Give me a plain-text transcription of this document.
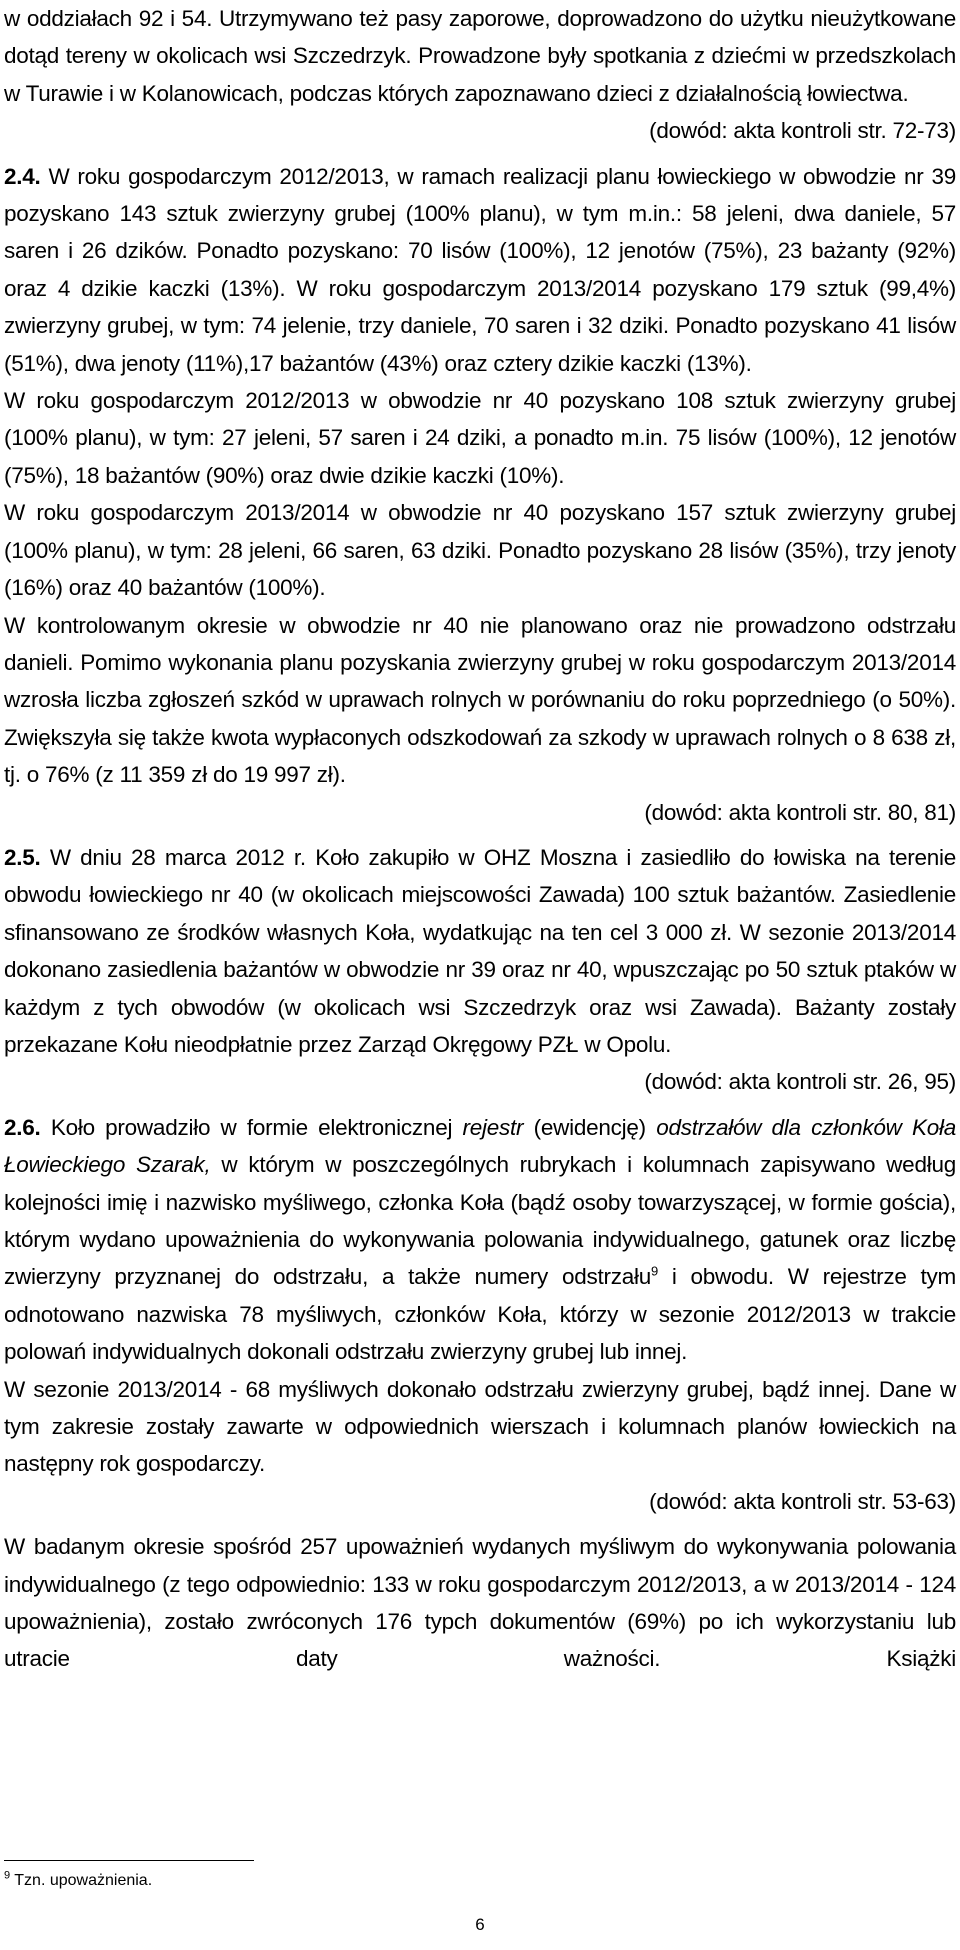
w oddziałach 92 i 54. Utrzymywano też pasy zaporowe, doprowadzono do użytku nieużytkowane dotąd tereny w okolicach wsi Szczedrzyk. Prowadzone były spotkania z dziećmi w przedszkolach w Turawie i w Kolanowicach, podczas których zapoznawano dzieci z działalnością łowiectwa.

(dowód: akta kontroli str. 72-73)

2.4. W roku gospodarczym 2012/2013, w ramach realizacji planu łowieckiego w obwodzie nr 39 pozyskano 143 sztuk zwierzyny grubej (100% planu), w tym m.in.: 58 jeleni, dwa daniele, 57 saren i 26 dzików. Ponadto pozyskano: 70 lisów (100%), 12 jenotów (75%), 23 bażanty (92%) oraz 4 dzikie kaczki (13%). W roku gospodarczym 2013/2014 pozyskano 179 sztuk (99,4%) zwierzyny grubej, w tym: 74 jelenie, trzy daniele, 70 saren i 32 dziki. Ponadto pozyskano 41 lisów (51%), dwa jenoty (11%),17 bażantów (43%) oraz cztery dzikie kaczki (13%).

W roku gospodarczym 2012/2013 w obwodzie nr 40 pozyskano 108 sztuk zwierzyny grubej (100% planu), w tym: 27 jeleni, 57 saren i 24 dziki, a ponadto m.in. 75 lisów (100%), 12 jenotów (75%), 18 bażantów (90%) oraz dwie dzikie kaczki (10%).

W roku gospodarczym 2013/2014 w obwodzie nr 40 pozyskano 157 sztuk zwierzyny grubej (100% planu), w tym: 28 jeleni, 66 saren, 63 dziki. Ponadto pozyskano 28 lisów (35%), trzy jenoty (16%) oraz 40 bażantów (100%).

W kontrolowanym okresie w obwodzie nr 40 nie planowano oraz nie prowadzono odstrzału danieli. Pomimo wykonania planu pozyskania zwierzyny grubej w roku gospodarczym 2013/2014 wzrosła liczba zgłoszeń szkód w uprawach rolnych w porównaniu do roku poprzedniego (o 50%). Zwiększyła się także kwota wypłaconych odszkodowań za szkody w uprawach rolnych o 8 638 zł, tj. o 76% (z 11 359 zł do 19 997 zł).

(dowód: akta kontroli str. 80, 81)

2.5. W dniu 28 marca 2012 r. Koło zakupiło w OHZ Moszna i zasiedliło do łowiska na terenie obwodu łowieckiego nr 40 (w okolicach miejscowości Zawada) 100 sztuk bażantów. Zasiedlenie sfinansowano ze środków własnych Koła, wydatkując na ten cel 3 000 zł. W sezonie 2013/2014 dokonano zasiedlenia bażantów w obwodzie nr 39 oraz nr 40, wpuszczając po 50 sztuk ptaków w każdym z tych obwodów (w okolicach wsi Szczedrzyk oraz wsi Zawada). Bażanty zostały przekazane Kołu nieodpłatnie przez Zarząd Okręgowy PZŁ w Opolu.

(dowód: akta kontroli str. 26, 95)

2.6. Koło prowadziło w formie elektronicznej rejestr (ewidencję) odstrzałów dla członków Koła Łowieckiego Szarak, w którym w poszczególnych rubrykach i kolumnach zapisywano według kolejności imię i nazwisko myśliwego, członka Koła (bądź osoby towarzyszącej, w formie gościa), którym wydano upoważnienia do wykonywania polowania indywidualnego, gatunek oraz liczbę zwierzyny przyznanej do odstrzału, a także numery odstrzału$^9$ i obwodu. W rejestrze tym odnotowano nazwiska 78 myśliwych, członków Koła, którzy w sezonie 2012/2013 w trakcie polowań indywidualnych dokonali odstrzału zwierzyny grubej lub innej.

W sezonie 2013/2014 - 68 myśliwych dokonało odstrzału zwierzyny grubej, bądź innej. Dane w tym zakresie zostały zawarte w odpowiednich wierszach i kolumnach planów łowieckich na następny rok gospodarczy.

(dowód: akta kontroli str. 53-63)

W badanym okresie spośród 257 upoważnień wydanych myśliwym do wykonywania polowania indywidualnego (z tego odpowiednio: 133 w roku gospodarczym 2012/2013, a w 2013/2014 - 124 upoważnienia), zostało zwróconych 176 typch dokumentów (69%) po ich wykorzystaniu lub utracie daty ważności. Książki

$^9$ Tzn. upoważnienia.
6
